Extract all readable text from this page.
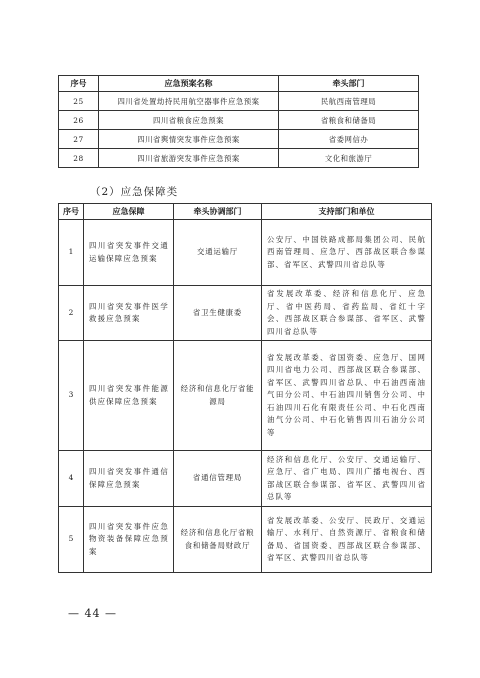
序号	应急预案名称	牵头部门
25	四川省处置劫持民用航空器事件应急预案	民航西南管理局
26	四川省粮食应急预案	省粮食和储备局
27	四川省舆情突发事件应急预案	省委网信办
28	四川省旅游突发事件应急预案	文化和旅游厅
（2）应急保障类
序号	应急保障	牵头协调部门	支持部门和单位
1	四川省突发事件交通运输保障应急预案	交通运输厅	公安厅、中国铁路成都局集团公司、民航西南管理局、应急厅、西部战区联合参谋部、省军区、武警四川省总队等
2	四川省突发事件医学救援应急预案	省卫生健康委	省发展改革委、经济和信息化厅、应急厅、省中医药局、省药监局、省红十字会、西部战区联合参谋部、省军区、武警四川省总队等
3	四川省突发事件能源供应保障应急预案	经济和信息化厅省能源局	省发展改革委、省国资委、应急厅、国网四川省电力公司、西部战区联合参谋部、省军区、武警四川省总队、中石油西南油气田分公司、中石油四川销售分公司、中石油四川石化有限责任公司、中石化西南油气分公司、中石化销售四川石油分公司等
4	四川省突发事件通信保障应急预案	省通信管理局	经济和信息化厅、公安厅、交通运输厅、应急厅、省广电局、四川广播电视台、西部战区联合参谋部、省军区、武警四川省总队等
5	四川省突发事件应急物资装备保障应急预案	经济和信息化厅省粮食和储备局财政厅	省发展改革委、公安厅、民政厅、交通运输厅、水利厅、自然资源厅、省粮食和储备局、省国资委、西部战区联合参谋部、省军区、武警四川省总队等
— 44 —
